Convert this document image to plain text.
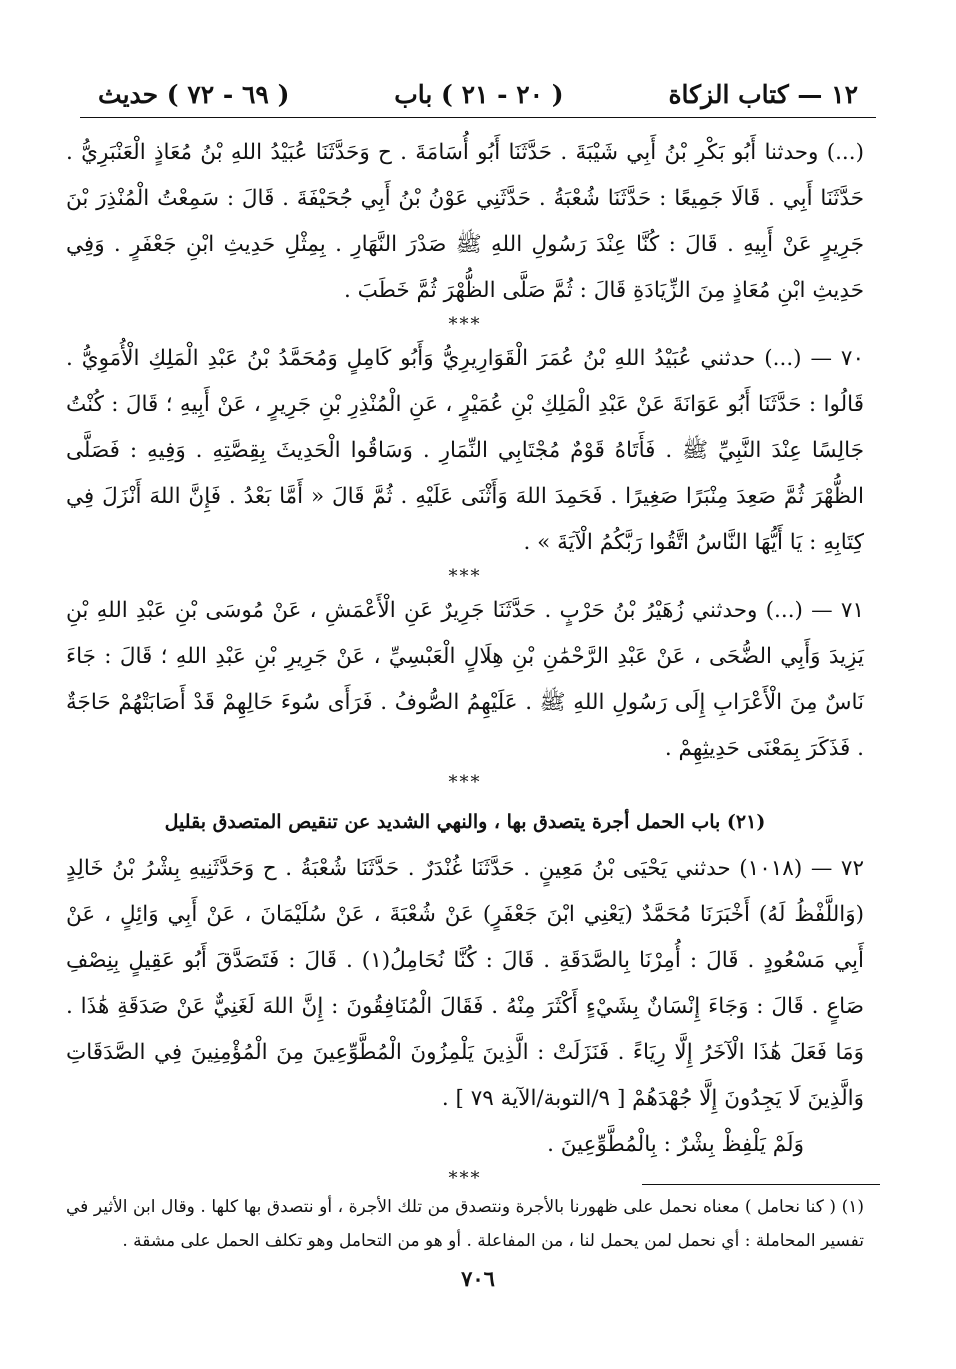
١٢ — كتاب الزكاة
( ٢٠ - ٢١ ) باب
( ٦٩ - ٧٢ ) حديث

(...) وحدثنا أَبُو بَكْرِ بْنُ أَبِي شَيْبَةَ . حَدَّثَنَا أَبُو أُسَامَةَ . ح وَحَدَّثَنَا عُبَيْدُ اللهِ بْنُ مُعَاذٍ الْعَنْبَرِيُّ . حَدَّثَنَا أَبِي . قَالَا جَمِيعًا : حَدَّثَنَا شُعْبَةُ . حَدَّثَنِي عَوْنُ بْنُ أَبِي جُحَيْفَةَ . قَالَ : سَمِعْتُ الْمُنْذِرَ بْنَ جَرِيرٍ عَنْ أَبِيهِ . قَالَ : كُنَّا عِنْدَ رَسُولِ اللهِ ﷺ صَدْرَ النَّهَارِ . بِمِثْلِ حَدِيثِ ابْنِ جَعْفَرٍ . وَفِي حَدِيثِ ابْنِ مُعَاذٍ مِنَ الزِّيَادَةِ قَالَ : ثُمَّ صَلَّى الظُّهْرَ ثُمَّ خَطَبَ .

***

٧٠ — (...) حدثني عُبَيْدُ اللهِ بْنُ عُمَرَ الْقَوَارِيرِيُّ وَأَبُو كَامِلٍ وَمُحَمَّدُ بْنُ عَبْدِ الْمَلِكِ الْأُمَوِيُّ . قَالُوا : حَدَّثَنَا أَبُو عَوَانَةَ عَنْ عَبْدِ الْمَلِكِ بْنِ عُمَيْرٍ ، عَنِ الْمُنْذِرِ بْنِ جَرِيرٍ ، عَنْ أَبِيهِ ؛ قَالَ : كُنْتُ جَالِسًا عِنْدَ النَّبِيِّ ﷺ . فَأَتَاهُ قَوْمٌ مُجْتَابِي النِّمَارِ . وَسَاقُوا الْحَدِيثَ بِقِصَّتِهِ . وَفِيهِ : فَصَلَّى الظُّهْرَ ثُمَّ صَعِدَ مِنْبَرًا صَغِيرًا . فَحَمِدَ اللهَ وَأَثْنَى عَلَيْهِ . ثُمَّ قَالَ « أَمَّا بَعْدُ . فَإِنَّ اللهَ أَنْزَلَ فِي كِتَابِهِ : يَا أَيُّهَا النَّاسُ اتَّقُوا رَبَّكُمُ الْآيَةَ » .

***

٧١ — (...) وحدثني زُهَيْرُ بْنُ حَرْبٍ . حَدَّثَنَا جَرِيرٌ عَنِ الْأَعْمَشِ ، عَنْ مُوسَى بْنِ عَبْدِ اللهِ بْنِ يَزِيدَ وَأَبِي الضُّحَى ، عَنْ عَبْدِ الرَّحْمَٰنِ بْنِ هِلَالٍ الْعَبْسِيِّ ، عَنْ جَرِيرِ بْنِ عَبْدِ اللهِ ؛ قَالَ : جَاءَ نَاسٌ مِنَ الْأَعْرَابِ إِلَى رَسُولِ اللهِ ﷺ . عَلَيْهِمُ الصُّوفُ . فَرَأَى سُوءَ حَالِهِمْ قَدْ أَصَابَتْهُمْ حَاجَةٌ . فَذَكَرَ بِمَعْنَى حَدِيثِهِمْ .

***

(٢١) باب الحمل أجرة يتصدق بها ، والنهي الشديد عن تنقيص المتصدق بقليل

٧٢ — (١٠١٨) حدثني يَحْيَى بْنُ مَعِينٍ . حَدَّثَنَا غُنْدَرٌ . حَدَّثَنَا شُعْبَةُ . ح وَحَدَّثَنِيهِ بِشْرُ بْنُ خَالِدٍ (وَاللَّفْظُ لَهُ) أَخْبَرَنَا مُحَمَّدٌ (يَعْنِي ابْنَ جَعْفَرٍ) عَنْ شُعْبَةَ ، عَنْ سُلَيْمَانَ ، عَنْ أَبِي وَائِلٍ ، عَنْ أَبِي مَسْعُودٍ . قَالَ : أُمِرْنَا بِالصَّدَقَةِ . قَالَ : كُنَّا نُحَامِلُ(١) . قَالَ : فَتَصَدَّقَ أَبُو عَقِيلٍ بِنِصْفِ صَاعٍ . قَالَ : وَجَاءَ إِنْسَانٌ بِشَيْءٍ أَكْثَرَ مِنْهُ . فَقَالَ الْمُنَافِقُونَ : إِنَّ اللهَ لَغَنِيٌّ عَنْ صَدَقَةِ هَٰذَا . وَمَا فَعَلَ هَٰذَا الْآخَرُ إِلَّا رِيَاءً . فَنَزَلَتْ : الَّذِينَ يَلْمِزُونَ الْمُطَّوِّعِينَ مِنَ الْمُؤْمِنِينَ فِي الصَّدَقَاتِ وَالَّذِينَ لَا يَجِدُونَ إِلَّا جُهْدَهُمْ [ ٩/التوبة/الآية ٧٩ ] .

وَلَمْ يَلْفِظْ بِشْرٌ : بِالْمُطَّوِّعِينَ .

***

(١) ( كنا نحامل ) معناه نحمل على ظهورنا بالأجرة ونتصدق من تلك الأجرة ، أو نتصدق بها كلها . وقال ابن الأثير في تفسير المحاملة : أي نحمل لمن يحمل لنا ، من المفاعلة . أو هو من التحامل وهو تكلف الحمل على مشقة .
٧٠٦
